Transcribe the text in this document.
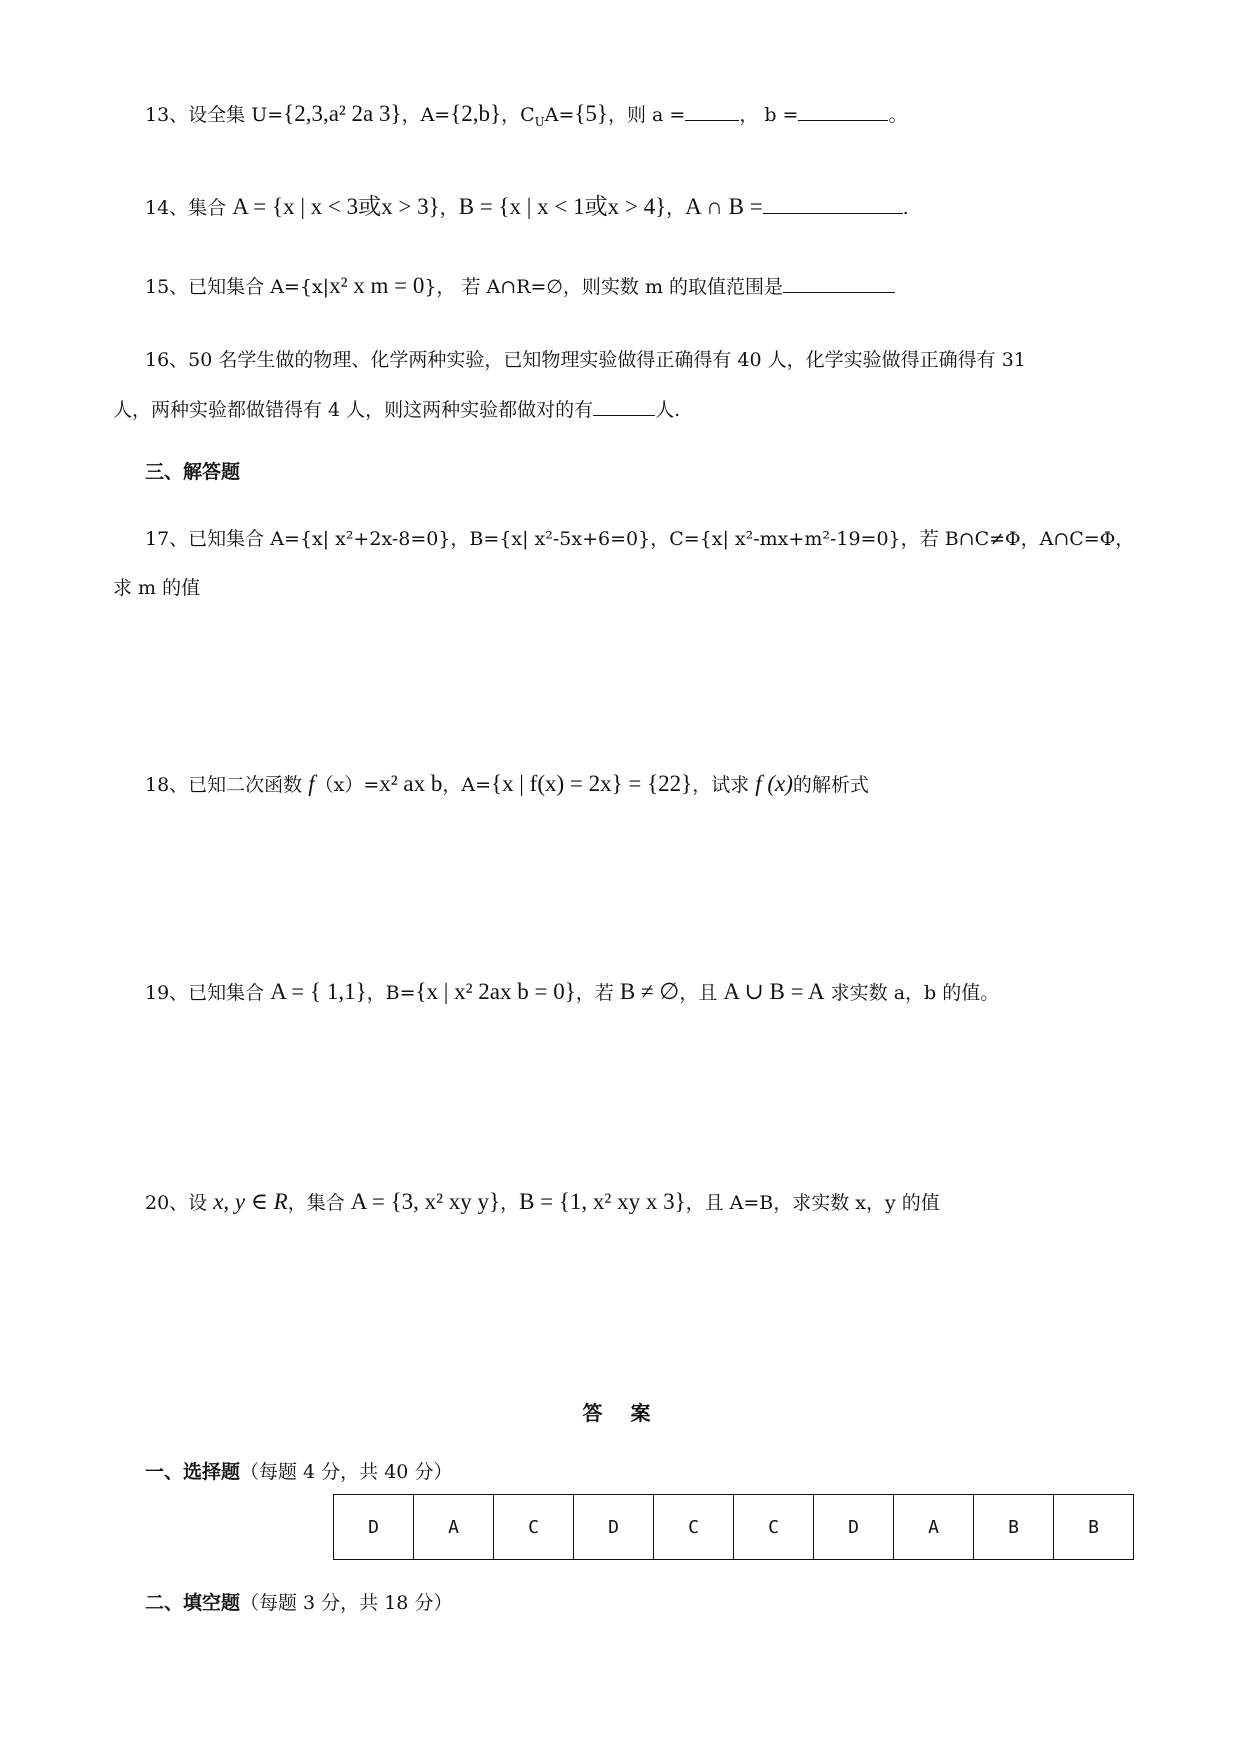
13、设全集 U={2,3,a² 2a 3}，A={2,b}，$C_UA=\{5\}$，则 a =	， b =	。
14、集合 A = {x | x < 3或x > 3}，B = {x | x < 1或x > 4}，A ∩ B =	.
15、已知集合 A={x|x² x m = 0}， 若 A∩R=∅，则实数 m 的取值范围是
16、50 名学生做的物理、化学两种实验，已知物理实验做得正确得有 40 人，化学实验做得正确得有 31
人，两种实验都做错得有 4 人，则这两种实验都做对的有	人.
三、解答题
17、已知集合 A={x| x²+2x-8=0}，B={x| x²-5x+6=0}，C={x| x²-mx+m²-19=0}，若 B∩C≠Φ，A∩C=Φ，
求 m 的值
18、已知二次函数 f（x）=x² ax b，A={x | f(x) = 2x} = {22}，试求 f (x)的解析式
19、已知集合 A = { 1,1}，B={x | x² 2ax b = 0}，若 B ≠ ∅，且 A ∪ B = A 求实数 a，b 的值。
20、设 x, y ∈ R，集合 A = {3, x² xy y}，B = {1, x² xy x 3}，且 A=B，求实数 x，y 的值
答案
一、选择题（每题 4 分，共 40 分）
D	A	C	D	C	C	D	A	B	B
二、填空题（每题 3 分，共 18 分）
